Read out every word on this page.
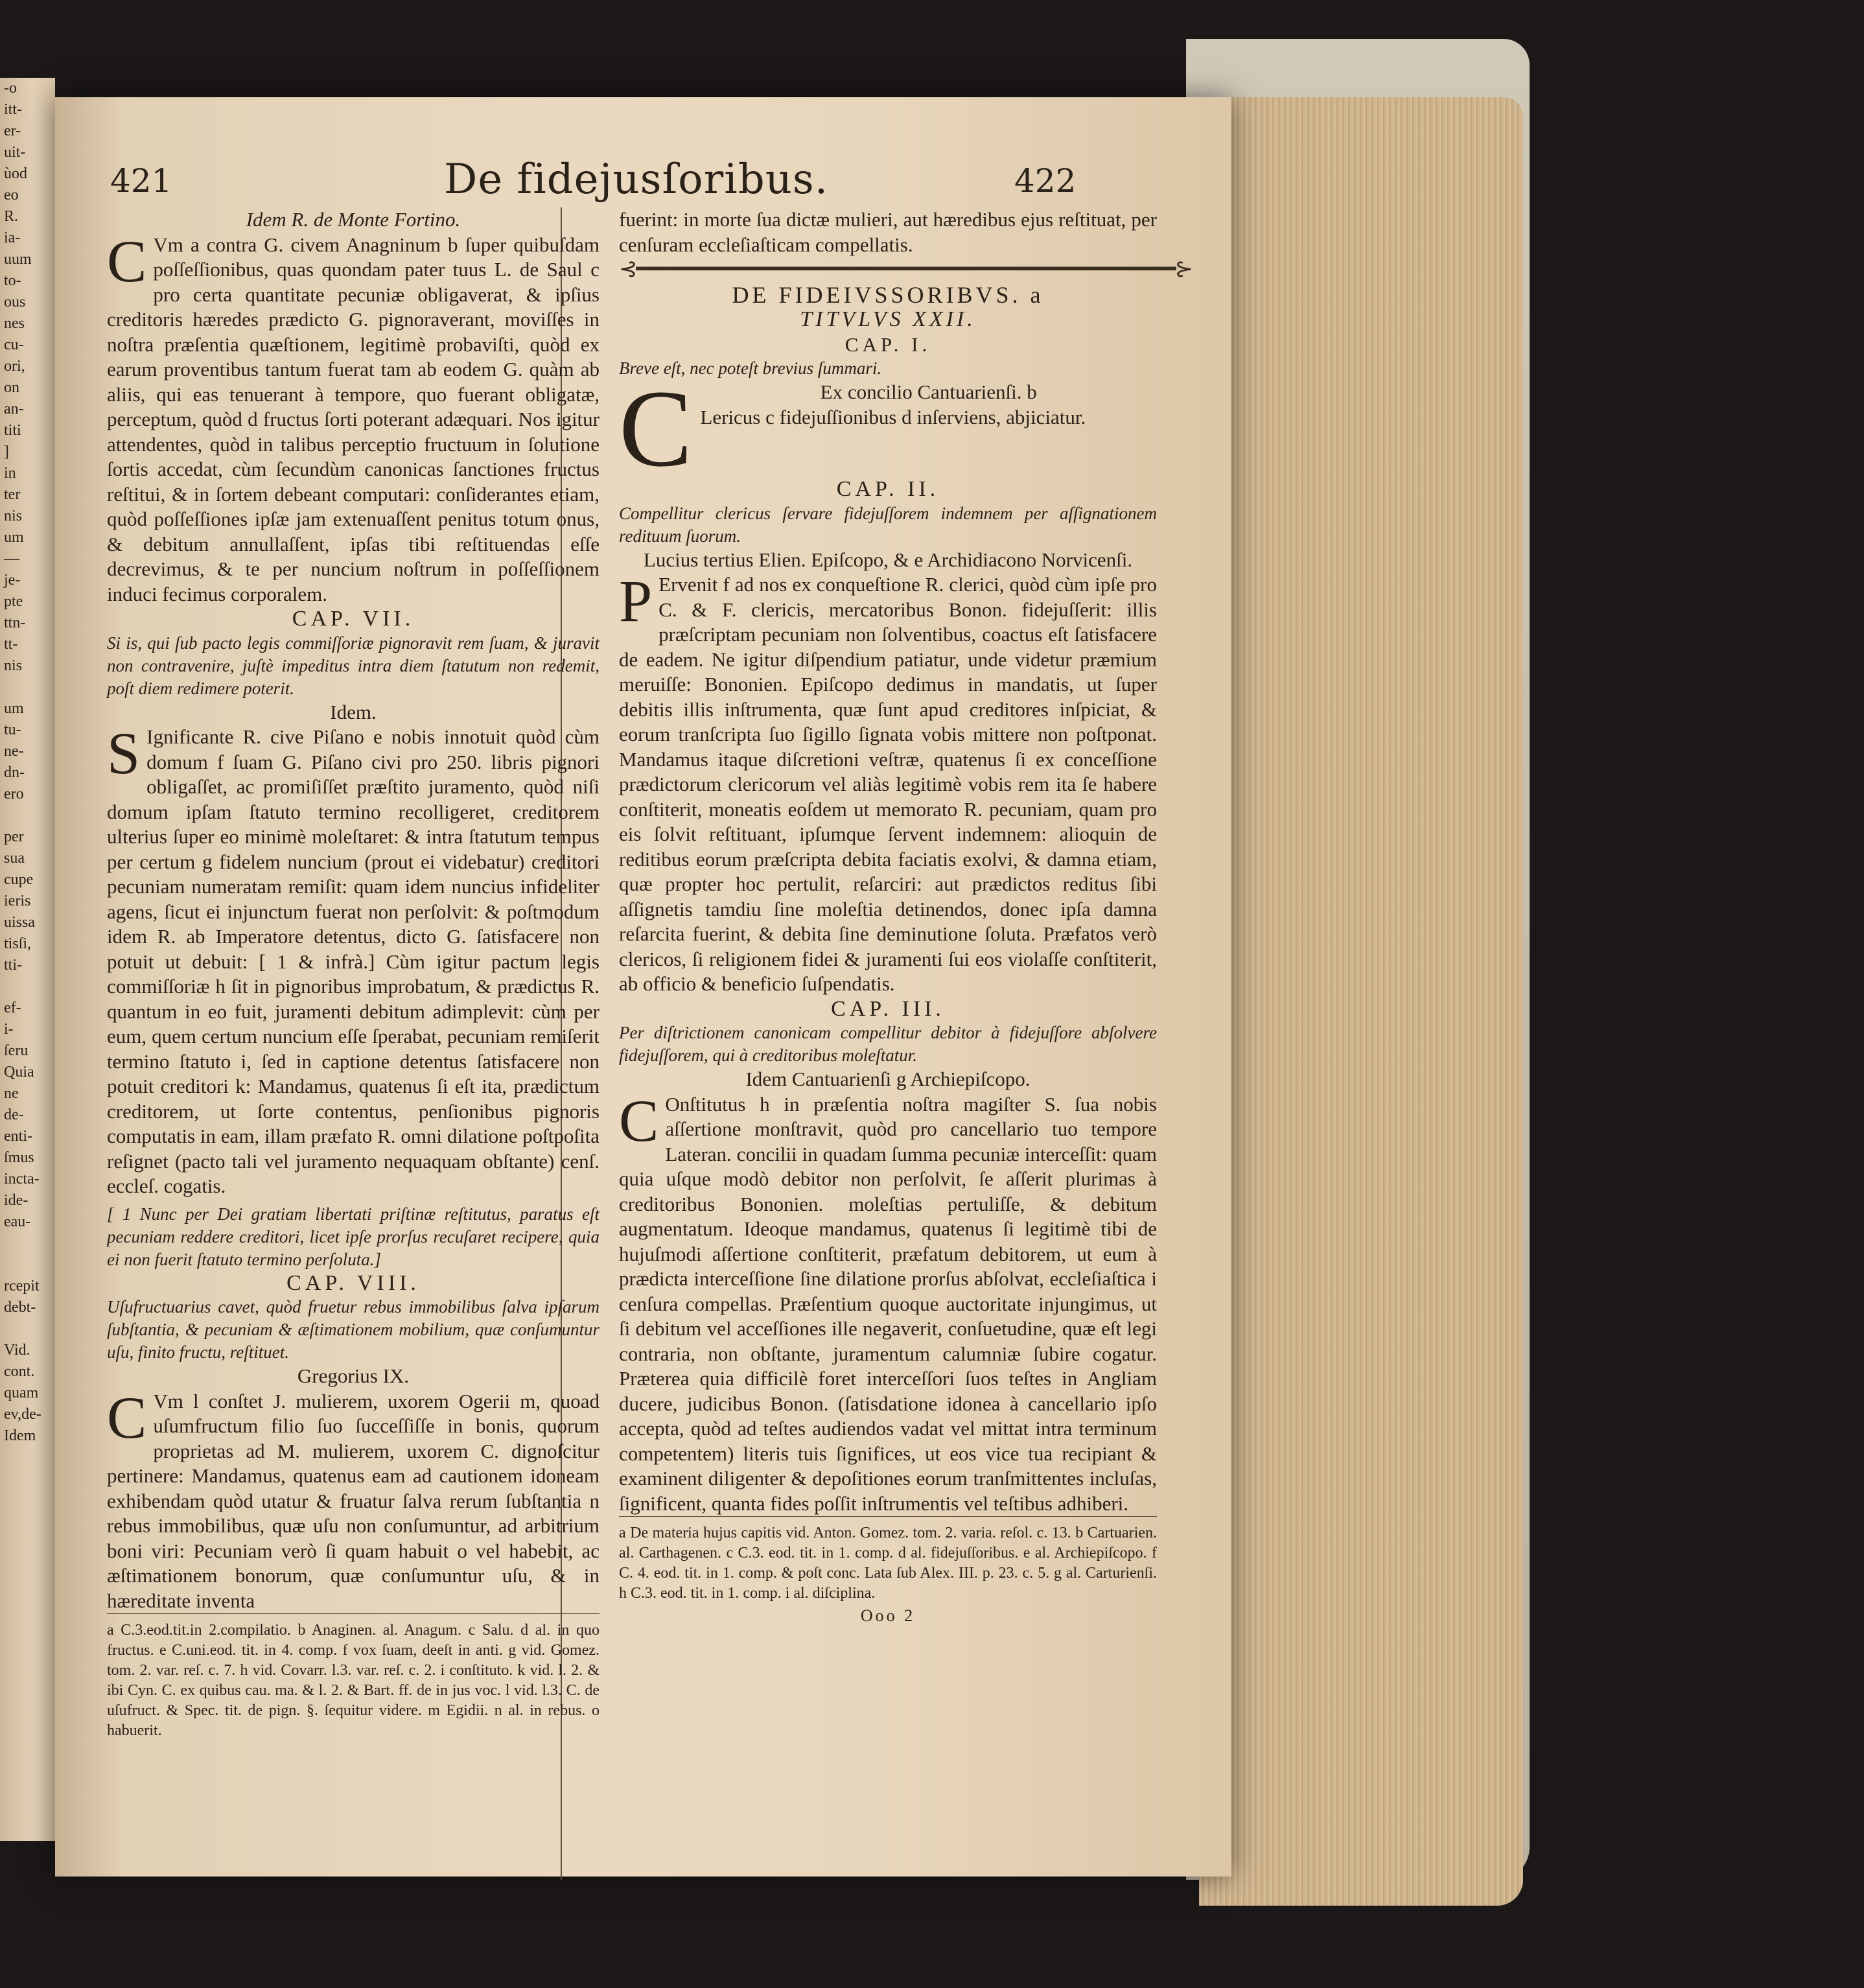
-o
itt-
er-
uit-
ùod
eo
R.
ia-
uum
to-
ous
nes
cu-
ori,
on
an-
titi
]
in
ter
nis
um
—
je-
pte
ttn-
tt-
nis

um
tu-
ne-
dn-
ero

per
sua
cupe
ieris
uissa
tisſi,
tti-

ef-
i-
ſeru
Quia
ne
de-
enti-
ſmus
incta-
ide-
eau-

rcepit
debt-

Vid.
cont.
quam
ev,de-
Idem
421	De fidejusſoribus.	422

Idem R. de Monte Fortino.

C Vm a contra G. civem Anagninum b ſuper quibuſdam poſſeſſionibus, quas quondam pater tuus L. de Saul c pro certa quantitate pecuniæ obligaverat, & ipſius creditoris hæredes prædicto G. pignoraverant, moviſſes in noſtra præſentia quæſtionem, legitimè probaviſti, quòd ex earum proventibus tantum fuerat tam ab eodem G. quàm ab aliis, qui eas tenuerant à tempore, quo fuerant obligatæ, perceptum, quòd d fructus ſorti poterant adæquari. Nos igitur attendentes, quòd in talibus perceptio fructuum in ſolutione ſortis accedat, cùm ſecundùm canonicas ſanctiones fructus reſtitui, & in ſortem debeant computari: conſiderantes etiam, quòd poſſeſſiones ipſæ jam extenuaſſent penitus totum onus, & debitum annullaſſent, ipſas tibi reſtituendas eſſe decrevimus, & te per nuncium noſtrum in poſſeſſionem induci fecimus corporalem.

CAP. VII.

Si is, qui ſub pacto legis commiſſoriæ pignoravit rem ſuam, & juravit non contravenire, juſtè impeditus intra diem ſtatutum non redemit, poſt diem redimere poterit.

Idem.

S Ignificante R. cive Piſano e nobis innotuit quòd cùm domum f ſuam G. Piſano civi pro 250. libris pignori obligaſſet, ac promiſiſſet præſtito juramento, quòd niſi domum ipſam ſtatuto termino recolligeret, creditorem ulterius ſuper eo minimè moleſtaret: & intra ſtatutum tempus per certum g fidelem nuncium (prout ei videbatur) creditori pecuniam numeratam remiſit: quam idem nuncius infideliter agens, ſicut ei injunctum fuerat non perſolvit: & poſtmodum idem R. ab Imperatore detentus, dicto G. ſatisfacere non potuit ut debuit: [ 1 & infrà.] Cùm igitur pactum legis commiſſoriæ h ſit in pignoribus improbatum, & prædictus R. quantum in eo fuit, juramenti debitum adimplevit: cùm per eum, quem certum nuncium eſſe ſperabat, pecuniam remiſerit termino ſtatuto i, ſed in captione detentus ſatisfacere non potuit creditori k: Mandamus, quatenus ſi eſt ita, prædictum creditorem, ut ſorte contentus, penſionibus pignoris computatis in eam, illam præfato R. omni dilatione poſtpoſita reſignet (pacto tali vel juramento nequaquam obſtante) cenſ. eccleſ. cogatis.

[ 1 Nunc per Dei gratiam libertati priſtinæ reſtitutus, paratus eſt pecuniam reddere creditori, licet ipſe prorſus recuſaret recipere, quia ei non fuerit ſtatuto termino perſoluta.]

CAP. VIII.

Uſufructuarius cavet, quòd fruetur rebus immobilibus ſalva ipſarum ſubſtantia, & pecuniam & æſtimationem mobilium, quæ conſumuntur uſu, finito fructu, reſtituet.

Gregorius IX.

C Vm l conſtet J. mulierem, uxorem Ogerii m, quoad uſumfructum filio ſuo ſucceſſiſſe in bonis, quorum proprietas ad M. mulierem, uxorem C. dignoſcitur pertinere: Mandamus, quatenus eam ad cautionem idoneam exhibendam quòd utatur & fruatur ſalva rerum ſubſtantia n rebus immobilibus, quæ uſu non conſumuntur, ad arbitrium boni viri: Pecuniam verò ſi quam habuit o vel habebit, ac æſtimationem bonorum, quæ conſumuntur uſu, & in hæreditate inventa

a C.3.eod.tit.in 2.compilatio. b Anaginen. al. Anagum. c Salu. d al. in quo fructus. e C.uni.eod. tit. in 4. comp. f vox ſuam, deeſt in anti. g vid. Gomez. tom. 2. var. reſ. c. 7. h vid. Covarr. l.3. var. reſ. c. 2. i conſtituto. k vid. l. 2. & ibi Cyn. C. ex quibus cau. ma. & l. 2. & Bart. ff. de in jus voc. l vid. l.3. C. de uſufruct. & Spec. tit. de pign. §. ſequitur videre. m Egidii. n al. in rebus. o habuerit.

fuerint: in morte ſua dictæ mulieri, aut hæredibus ejus reſtituat, per cenſuram eccleſiaſticam compellatis.

⊰━━━━━━━━━━━━━━━━━━━━━━━━━━━━━━━━━━━━━━━━━━━━━⊱

DE FIDEIVSSORIBVS. a

TITVLVS XXII.

CAP. I.

Breve eſt, nec poteſt brevius ſummari.

C	Ex concilio Cantuarienſi. b

Lericus c fidejuſſionibus d inſerviens, abjiciatur.

CAP. II.

Compellitur clericus ſervare fidejuſſorem indemnem per aſſignationem redituum ſuorum.

Lucius tertius Elien. Epiſcopo, & e Archidiacono Norvicenſi.

P Ervenit f ad nos ex conqueſtione R. clerici, quòd cùm ipſe pro C. & F. clericis, mercatoribus Bonon. fidejuſſerit: illis præſcriptam pecuniam non ſolventibus, coactus eſt ſatisfacere de eadem. Ne igitur diſpendium patiatur, unde videtur præmium meruiſſe: Bononien. Epiſcopo dedimus in mandatis, ut ſuper debitis illis inſtrumenta, quæ ſunt apud creditores inſpiciat, & eorum tranſcripta ſuo ſigillo ſignata vobis mittere non poſtponat. Mandamus itaque diſcretioni veſtræ, quatenus ſi ex conceſſione prædictorum clericorum vel aliàs legitimè vobis rem ita ſe habere conſtiterit, moneatis eoſdem ut memorato R. pecuniam, quam pro eis ſolvit reſtituant, ipſumque ſervent indemnem: alioquin de reditibus eorum præſcripta debita faciatis exolvi, & damna etiam, quæ propter hoc pertulit, reſarciri: aut prædictos reditus ſibi aſſignetis tamdiu ſine moleſtia detinendos, donec ipſa damna reſarcita fuerint, & debita ſine deminutione ſoluta. Præfatos verò clericos, ſi religionem fidei & juramenti ſui eos violaſſe conſtiterit, ab officio & beneficio ſuſpendatis.

CAP. III.

Per diſtrictionem canonicam compellitur debitor à fidejuſſore abſolvere fidejuſſorem, qui à creditoribus moleſtatur.

Idem Cantuarienſi g Archiepiſcopo.

C Onſtitutus h in præſentia noſtra magiſter S. ſua nobis aſſertione monſtravit, quòd pro cancellario tuo tempore Lateran. concilii in quadam ſumma pecuniæ interceſſit: quam quia uſque modò debitor non perſolvit, ſe aſſerit plurimas à creditoribus Bononien. moleſtias pertuliſſe, & debitum augmentatum. Ideoque mandamus, quatenus ſi legitimè tibi de hujuſmodi aſſertione conſtiterit, præfatum debitorem, ut eum à prædicta interceſſione ſine dilatione prorſus abſolvat, eccleſiaſtica i cenſura compellas. Præſentium quoque auctoritate injungimus, ut ſi debitum vel acceſſiones ille negaverit, conſuetudine, quæ eſt legi contraria, non obſtante, juramentum calumniæ ſubire cogatur. Præterea quia difficilè foret interceſſori ſuos teſtes in Angliam ducere, judicibus Bonon. (ſatisdatione idonea à cancellario ipſo accepta, quòd ad teſtes audiendos vadat vel mittat intra terminum competentem) literis tuis ſignifices, ut eos vice tua recipiant & examinent diligenter & depoſitiones eorum tranſmittentes incluſas, ſignificent, quanta fides poſſit inſtrumentis vel teſtibus adhiberi.

a De materia hujus capitis vid. Anton. Gomez. tom. 2. varia. reſol. c. 13. b Cartuarien. al. Carthagenen. c C.3. eod. tit. in 1. comp. d al. fidejuſſoribus. e al. Archiepiſcopo. f C. 4. eod. tit. in 1. comp. & poſt conc. Lata ſub Alex. III. p. 23. c. 5. g al. Carturienſi. h C.3. eod. tit. in 1. comp. i al. diſciplina.

Ooo 2
